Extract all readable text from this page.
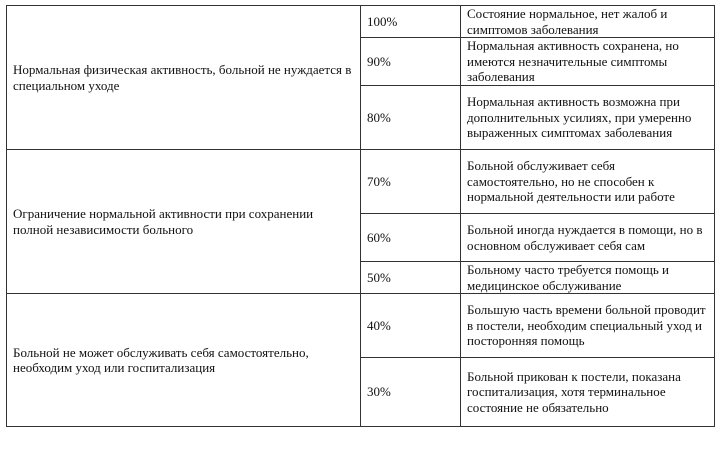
Нормальная физическая активность, больной не нуждается в специальном уходе	100%	Состояние нормальное, нет жалоб и симптомов заболевания
	90%	Нормальная активность сохранена, но имеются незначительные симптомы заболевания
	80%	Нормальная активность возможна при дополнительных усилиях, при умеренно выраженных симптомах заболевания
Ограничение нормальной активности при сохранении полной независимости больного	70%	Больной обслуживает себя самостоятельно, но не способен к нормальной деятельности или работе
	60%	Больной иногда нуждается в помощи, но в основном обслуживает себя сам
	50%	Больному часто требуется помощь и медицинское обслуживание
Больной не может обслуживать себя самостоятельно, необходим уход или госпитализация	40%	Большую часть времени больной проводит в постели, необходим специальный уход и посторонняя помощь
	30%	Больной прикован к постели, показана госпитализация, хотя терминальное состояние не обязательно
